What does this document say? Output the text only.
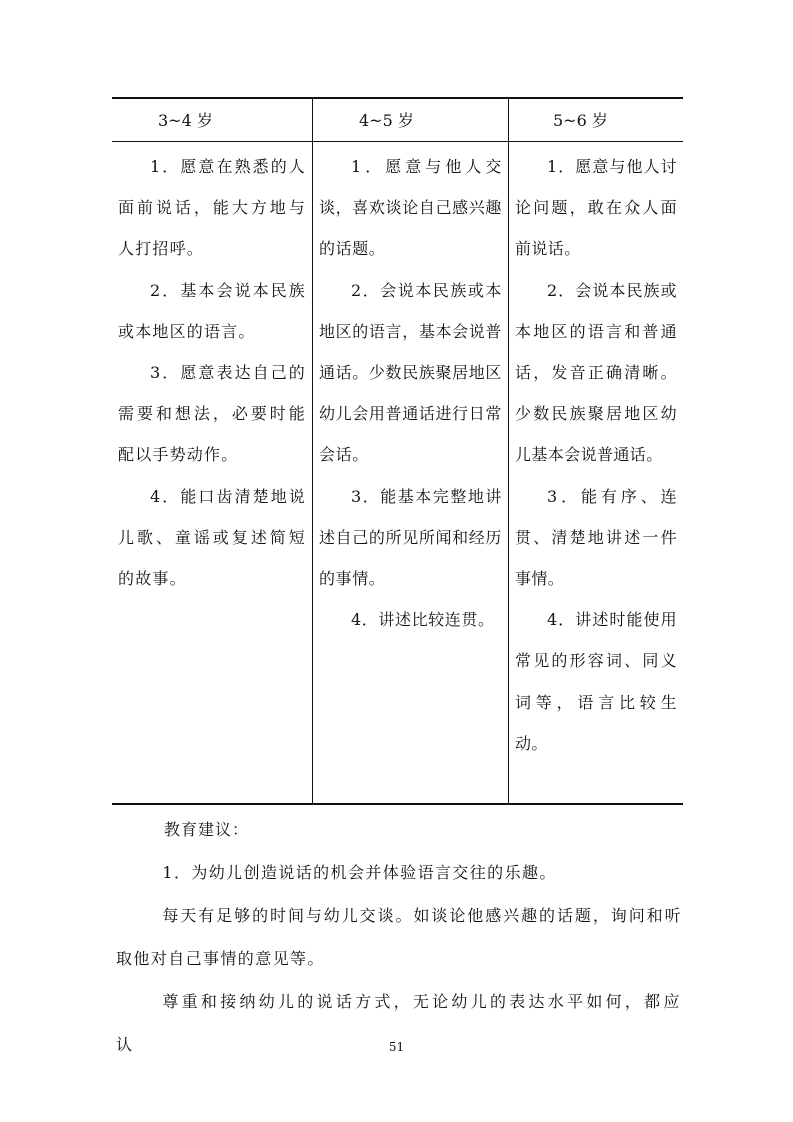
3~4 岁

1．愿意在熟悉的人面前说话，能大方地与人打招呼。

2．基本会说本民族或本地区的语言。

3．愿意表达自己的需要和想法，必要时能配以手势动作。

4．能口齿清楚地说儿歌、童谣或复述简短的故事。

4~5 岁

1．愿意与他人交谈，喜欢谈论自己感兴趣的话题。

2．会说本民族或本地区的语言，基本会说普通话。少数民族聚居地区幼儿会用普通话进行日常会话。

3．能基本完整地讲述自己的所见所闻和经历的事情。

4．讲述比较连贯。

5~6 岁

1．愿意与他人讨论问题，敢在众人面前说话。

2．会说本民族或本地区的语言和普通话，发音正确清晰。少数民族聚居地区幼儿基本会说普通话。

3．能有序、连贯、清楚地讲述一件事情。

4．讲述时能使用常见的形容词、同义词等，语言比较生动。

教育建议：

1．为幼儿创造说话的机会并体验语言交往的乐趣。

每天有足够的时间与幼儿交谈。如谈论他感兴趣的话题，询问和听取他对自己事情的意见等。

尊重和接纳幼儿的说话方式，无论幼儿的表达水平如何，都应认	51
